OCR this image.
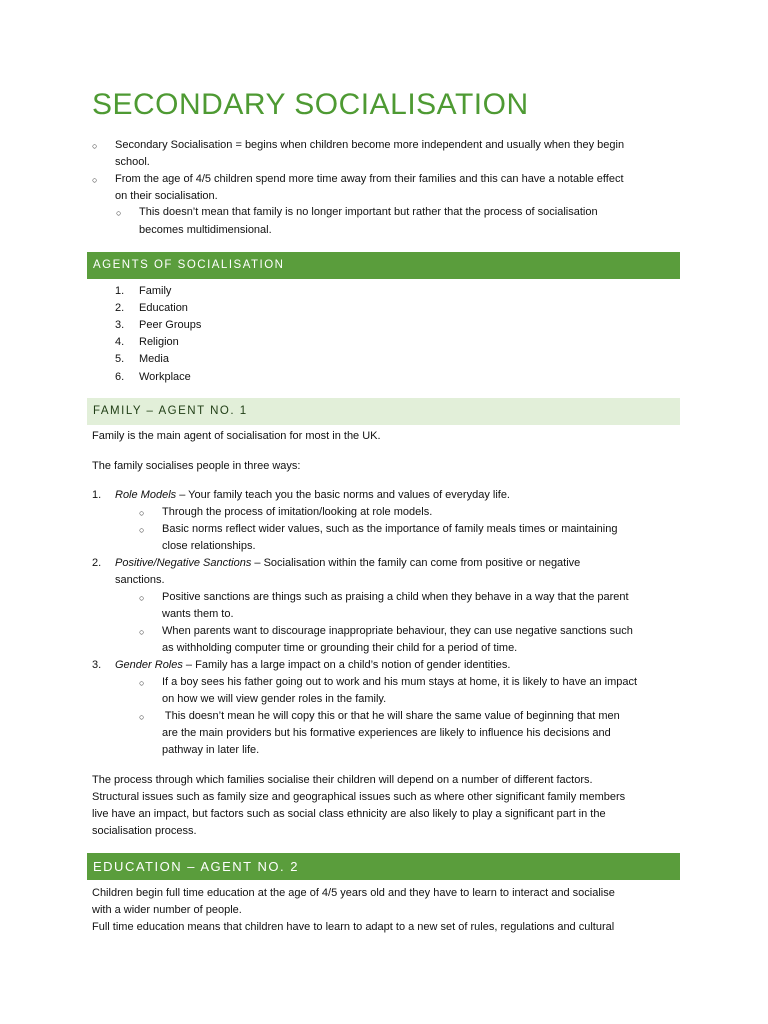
SECONDARY SOCIALISATION
○ Secondary Socialisation = begins when children become more independent and usually when they begin
school.
○ From the age of 4/5 children spend more time away from their families and this can have a notable effect
on their socialisation.
○ This doesn’t mean that family is no longer important but rather that the process of socialisation
becomes multidimensional.
AGENTS OF SOCIALISATION
1. Family
2. Education
3. Peer Groups
4. Religion
5. Media
6. Workplace
FAMILY – AGENT NO. 1
Family is the main agent of socialisation for most in the UK.
The family socialises people in three ways:
1. Role Models – Your family teach you the basic norms and values of everyday life.
○ Through the process of imitation/looking at role models.
○ Basic norms reflect wider values, such as the importance of family meals times or maintaining
close relationships.
2. Positive/Negative Sanctions – Socialisation within the family can come from positive or negative
sanctions.
○ Positive sanctions are things such as praising a child when they behave in a way that the parent
wants them to.
○ When parents want to discourage inappropriate behaviour, they can use negative sanctions such
as withholding computer time or grounding their child for a period of time.
3. Gender Roles – Family has a large impact on a child’s notion of gender identities.
○ If a boy sees his father going out to work and his mum stays at home, it is likely to have an impact
on how we will view gender roles in the family.
○ This doesn’t mean he will copy this or that he will share the same value of beginning that men
are the main providers but his formative experiences are likely to influence his decisions and
pathway in later life.
The process through which families socialise their children will depend on a number of different factors.
Structural issues such as family size and geographical issues such as where other significant family members
live have an impact, but factors such as social class ethnicity are also likely to play a significant part in the
socialisation process.
EDUCATION – AGENT NO. 2
Children begin full time education at the age of 4/5 years old and they have to learn to interact and socialise
with a wider number of people.
Full time education means that children have to learn to adapt to a new set of rules, regulations and cultural
